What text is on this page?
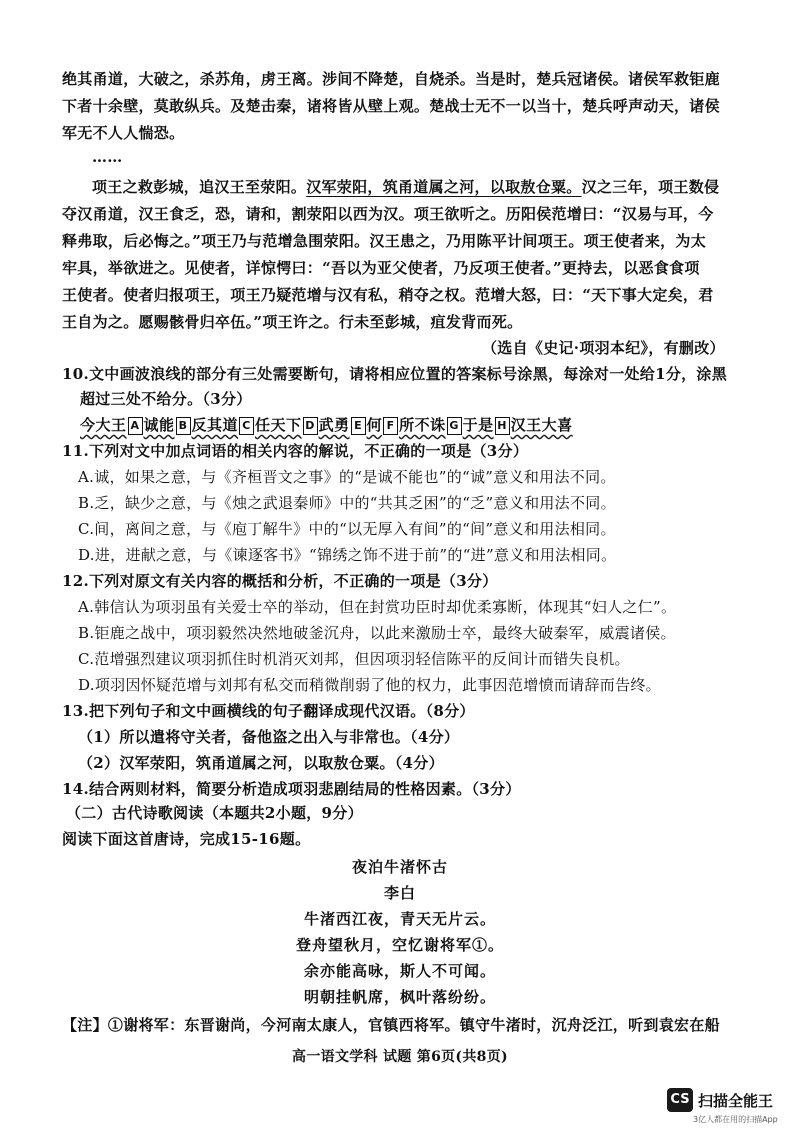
绝其甬道，大破之，杀苏角，虏王离。涉间不降楚，自烧杀。当是时，楚兵冠诸侯。诸侯军救钜鹿
下者十余壁，莫敢纵兵。及楚击秦，诸将皆从壁上观。楚战士无不一以当十，楚兵呼声动天，诸侯
军无不人人惴恐。
……
项王之救彭城，追汉王至荥阳。汉军荥阳，筑甬道属之河，以取敖仓粟。汉之三年，项王数侵
夺汉甬道，汉王食乏，恐，请和，割荥阳以西为汉。项王欲听之。历阳侯范增曰：“汉易与耳，今
释弗取，后必悔之。”项王乃与范增急围荥阳。汉王患之，乃用陈平计间项王。项王使者来，为太
牢具，举欲进之。见使者，详惊愕曰：“吾以为亚父使者，乃反项王使者。”更持去，以恶食食项
王使者。使者归报项王，项王乃疑范增与汉有私，稍夺之权。范增大怒，曰：“天下事大定矣，君
王自为之。愿赐骸骨归卒伍。”项王许之。行未至彭城，疽发背而死。
（选自《史记·项羽本纪》，有删改）
10.文中画波浪线的部分有三处需要断句，请将相应位置的答案标号涂黑，每涂对一处给1分，涂黑
超过三处不给分。（3分）
今大王 A 诚能 B 反其道 C 任天下 D 武勇 E 何 F 所不诛 G 于是 H 汉王大喜
11.下列对文中加点词语的相关内容的解说，不正确的一项是（3分）
A.诚，如果之意，与《齐桓晋文之事》的“是诚不能也”的“诚”意义和用法不同。
B.乏，缺少之意，与《烛之武退秦师》中的“共其乏困”的“乏”意义和用法不同。
C.间，离间之意，与《庖丁解牛》中的“以无厚入有间”的“间”意义和用法相同。
D.进，进献之意，与《谏逐客书》“锦绣之饰不进于前”的“进”意义和用法相同。
12.下列对原文有关内容的概括和分析，不正确的一项是（3分）
A.韩信认为项羽虽有关爱士卒的举动，但在封赏功臣时却优柔寡断，体现其“妇人之仁”。
B.钜鹿之战中，项羽毅然决然地破釜沉舟，以此来激励士卒，最终大破秦军，威震诸侯。
C.范增强烈建议项羽抓住时机消灭刘邦，但因项羽轻信陈平的反间计而错失良机。
D.项羽因怀疑范增与刘邦有私交而稍微削弱了他的权力，此事因范增愤而请辞而告终。
13.把下列句子和文中画横线的句子翻译成现代汉语。（8分）
（1）所以遣将守关者，备他盗之出入与非常也。（4分）
（2）汉军荥阳，筑甬道属之河，以取敖仓粟。（4分）
14.结合两则材料，简要分析造成项羽悲剧结局的性格因素。（3分）
（二）古代诗歌阅读（本题共2小题，9分）
阅读下面这首唐诗，完成15-16题。
夜泊牛渚怀古
李白
牛渚西江夜，青天无片云。
登舟望秋月，空忆谢将军①。
余亦能高咏，斯人不可闻。
明朝挂帆席，枫叶落纷纷。
【注】①谢将军：东晋谢尚，今河南太康人，官镇西将军。镇守牛渚时，沉舟泛江，听到袁宏在船
高一语文学科 试题 第6页(共8页)
CS 扫描全能王
3亿人都在用的扫描App
